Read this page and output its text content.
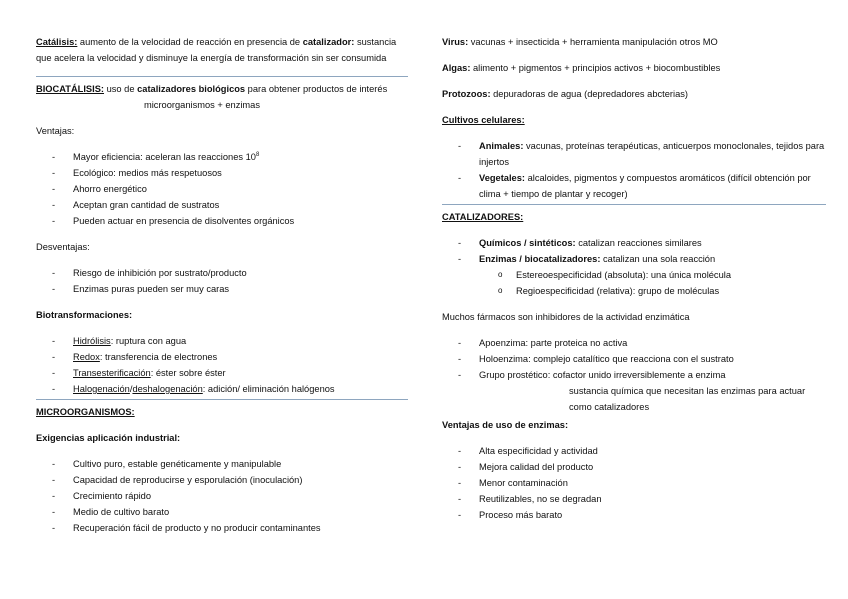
Catálisis: aumento de la velocidad de reacción en presencia de catalizador: sustancia que acelera la velocidad y disminuye la energía de transformación sin ser consumida

BIOCATÁLISIS: uso de catalizadores biológicos para obtener productos de interés

microorganismos + enzimas

Ventajas:

- Mayor eficiencia: aceleran las reacciones $10^8$
- Ecológico: medios más respetuosos
- Ahorro energético
- Aceptan gran cantidad de sustratos
- Pueden actuar en presencia de disolventes orgánicos

Desventajas:

- Riesgo de inhibición por sustrato/producto
- Enzimas puras pueden ser muy caras

Biotransformaciones:

- Hidrólisis: ruptura con agua
- Redox: transferencia de electrones
- Transesterificación: éster sobre éster
- Halogenación/deshalogenación: adición/ eliminación halógenos

MICROORGANISMOS:

Exigencias aplicación industrial:

- Cultivo puro, estable genéticamente y manipulable
- Capacidad de reproducirse y esporulación (inoculación)
- Crecimiento rápido
- Medio de cultivo barato
- Recuperación fácil de producto y no producir contaminantes

Virus: vacunas + insecticida + herramienta manipulación otros MO

Algas: alimento + pigmentos + principios activos + biocombustibles

Protozoos: depuradoras de agua (depredadores abcterias)

Cultivos celulares:

- Animales: vacunas, proteínas terapéuticas, anticuerpos monoclonales, tejidos para injertos
- Vegetales: alcaloides, pigmentos y compuestos aromáticos (difícil obtención por clima + tiempo de plantar y recoger)

CATALIZADORES:

- Químicos / sintéticos: catalizan reacciones similares
- Enzimas / biocatalizadores: catalizan una sola reacción
o Estereoespecificidad (absoluta): una única molécula
o Regioespecificidad (relativa): grupo de moléculas

Muchos fármacos son inhibidores de la actividad enzimática

- Apoenzima: parte proteica no activa
- Holoenzima: complejo catalítico que reacciona con el sustrato
- Grupo prostético: cofactor unido irreversiblemente a enzima

sustancia química que necesitan las enzimas para actuar como catalizadores

Ventajas de uso de enzimas:

- Alta especificidad y actividad
- Mejora calidad del producto
- Menor contaminación
- Reutilizables, no se degradan
- Proceso más barato
